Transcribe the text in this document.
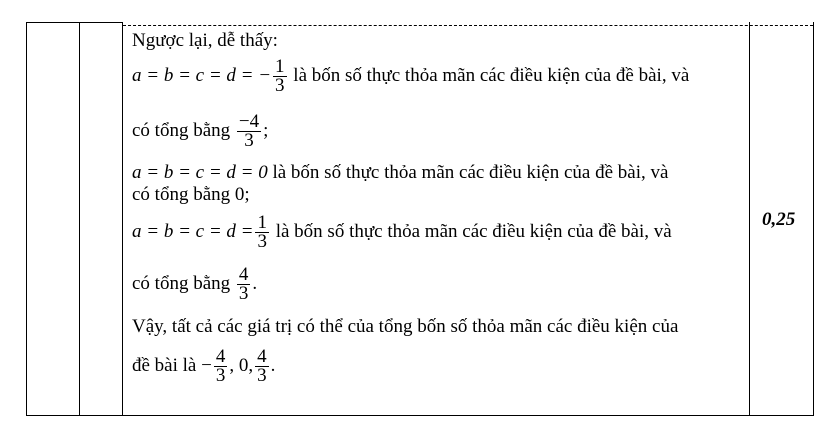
Ngược lại, dễ thấy:
a = b = c = d = − $\frac{1}{3}$ là bốn số thực thỏa mãn các điều kiện của đề bài, và
có tổng bằng $\frac{-4}{3}$ ;
a = b = c = d = 0 là bốn số thực thỏa mãn các điều kiện của đề bài, và
có tổng bằng 0;
$a = b = c = d = \frac{1}{3}$ là bốn số thực thỏa mãn các điều kiện của đề bài, và
có tổng bằng $\frac{4}{3}$ .
Vậy, tất cả các giá trị có thể của tổng bốn số thỏa mãn các điều kiện của
đề bài là − $\frac{4}{3}$ , 0, $\frac{4}{3}$ .
0,25
